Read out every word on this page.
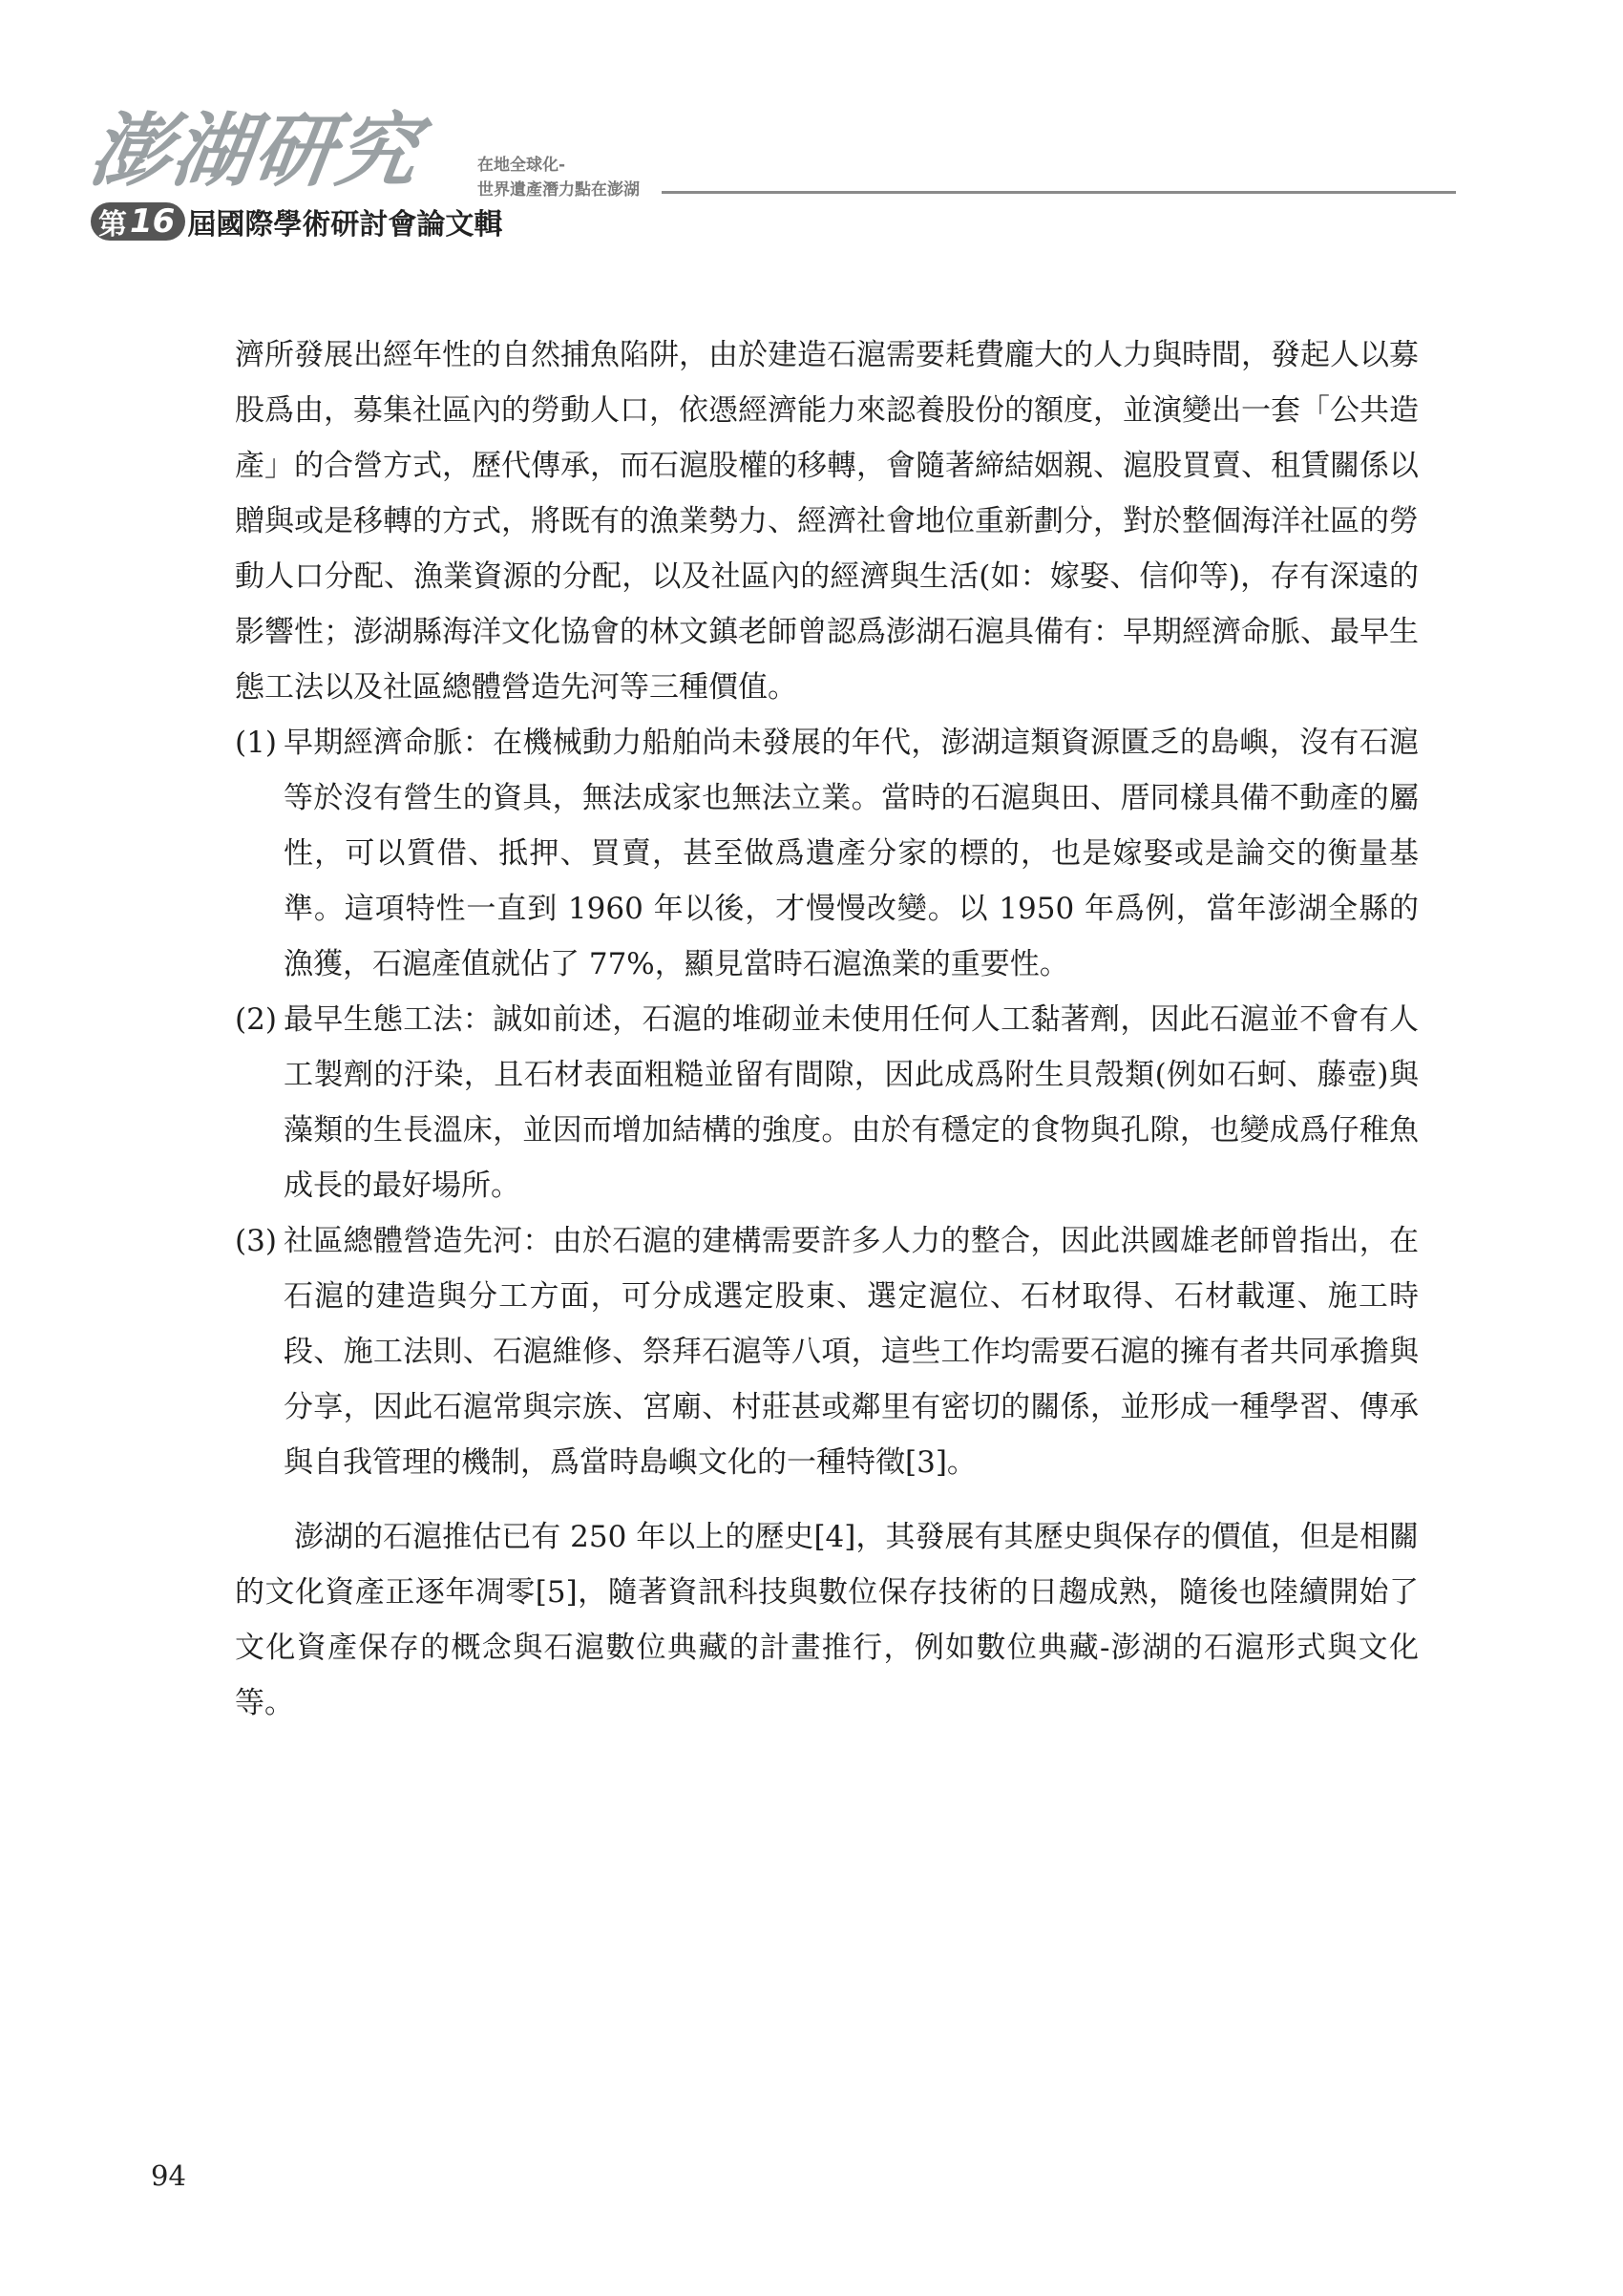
澎湖研究
第 16 屆 國際學術研討會論文輯
在地全球化-
世界遺產潛力點在澎湖

濟所發展出經年性的自然捕魚陷阱，由於建造石滬需要耗費龐大的人力與時間，發起人以募股爲由，募集社區內的勞動人口，依憑經濟能力來認養股份的額度，並演變出一套「公共造產」的合營方式，歷代傳承，而石滬股權的移轉，會隨著締結姻親、滬股買賣、租賃關係以贈與或是移轉的方式，將既有的漁業勢力、經濟社會地位重新劃分，對於整個海洋社區的勞動人口分配、漁業資源的分配，以及社區內的經濟與生活(如：嫁娶、信仰等)，存有深遠的影響性；澎湖縣海洋文化協會的林文鎮老師曾認爲澎湖石滬具備有：早期經濟命脈、最早生態工法以及社區總體營造先河等三種價值。

(1) 早期經濟命脈：在機械動力船舶尚未發展的年代，澎湖這類資源匱乏的島嶼，沒有石滬等於沒有營生的資具，無法成家也無法立業。當時的石滬與田、厝同樣具備不動產的屬性，可以質借、抵押、買賣，甚至做爲遺產分家的標的，也是嫁娶或是論交的衡量基準。這項特性一直到 1960 年以後，才慢慢改變。以 1950 年爲例，當年澎湖全縣的漁獲，石滬產值就佔了 77%，顯見當時石滬漁業的重要性。
(2) 最早生態工法：誠如前述，石滬的堆砌並未使用任何人工黏著劑，因此石滬並不會有人工製劑的汙染，且石材表面粗糙並留有間隙，因此成爲附生貝殼類(例如石蚵、藤壺)與藻類的生長溫床，並因而增加結構的強度。由於有穩定的食物與孔隙，也變成爲仔稚魚成長的最好場所。
(3) 社區總體營造先河：由於石滬的建構需要許多人力的整合，因此洪國雄老師曾指出，在石滬的建造與分工方面，可分成選定股東、選定滬位、石材取得、石材載運、施工時段、施工法則、石滬維修、祭拜石滬等八項，這些工作均需要石滬的擁有者共同承擔與分享，因此石滬常與宗族、宮廟、村莊甚或鄰里有密切的關係，並形成一種學習、傳承與自我管理的機制，爲當時島嶼文化的一種特徵[3]。

澎湖的石滬推估已有 250 年以上的歷史[4]，其發展有其歷史與保存的價值，但是相關的文化資產正逐年凋零[5]，隨著資訊科技與數位保存技術的日趨成熟，隨後也陸續開始了文化資產保存的概念與石滬數位典藏的計畫推行，例如數位典藏-澎湖的石滬形式與文化等。

94
